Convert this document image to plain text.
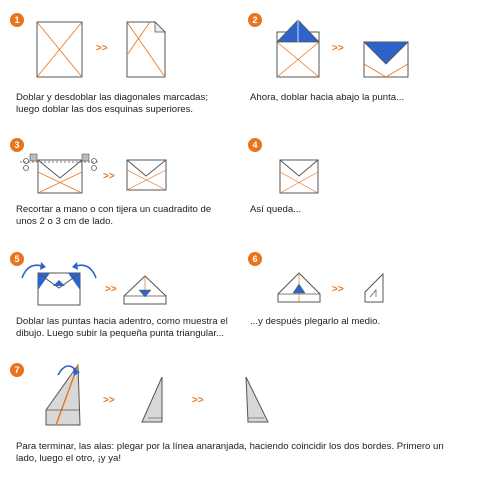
>>	>>
>>
>>	>>
>>	>>
1	2
3	4
5	6
7
Doblar y desdoblar las diagonales marcadas;
luego doblar las dos esquinas superiores.
Ahora, doblar hacia abajo la punta...
Recortar a mano o con tijera un cuadradito de
unos 2 o 3 cm de lado.
Así queda...
Doblar las puntas hacia adentro, como muestra el
dibujo. Luego subir la pequeña punta triangular...
...y después plegarlo al medio.
Para terminar, las alas: plegar por la línea anaranjada, haciendo coincidir los dos bordes. Primero un
lado, luego el otro, ¡y ya!
